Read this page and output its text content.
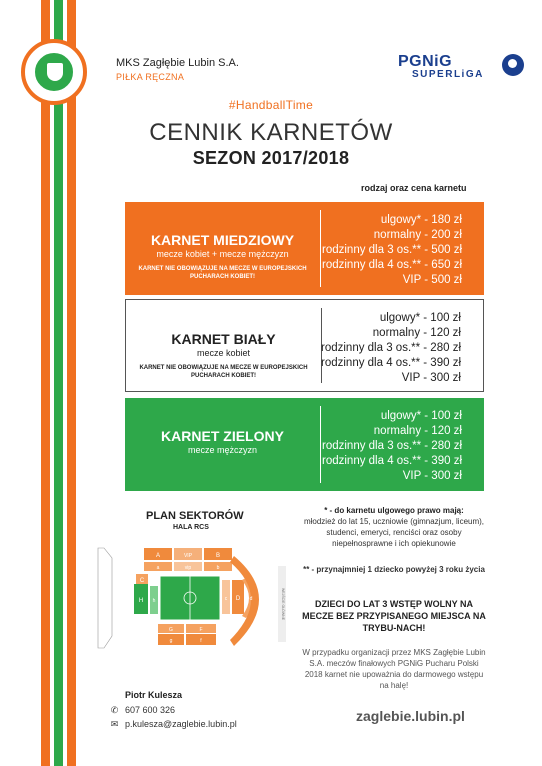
MKS Zagłębie Lubin S.A.
PIŁKA RĘCZNA
PGNiG
SUPERLiGA
#HandballTime
CENNIK KARNETÓW
SEZON 2017/2018
rodzaj oraz cena karnetu
KARNET MIEDZIOWY
mecze kobiet + mecze mężczyzn
KARNET NIE OBOWIĄZUJE NA MECZE W EUROPEJSKICH PUCHARACH KOBIET!
ulgowy* - 180 zł
normalny - 200 zł
rodzinny dla 3 os.** - 500 zł
rodzinny dla 4 os.** - 650 zł
VIP - 500 zł
KARNET BIAŁY
mecze kobiet
KARNET NIE OBOWIĄZUJE NA MECZE W EUROPEJSKICH PUCHARACH KOBIET!
ulgowy* - 100 zł
normalny - 120 zł
rodzinny dla 3 os.** - 280 zł
rodzinny dla 4 os.** - 390 zł
VIP - 300 zł
KARNET ZIELONY
mecze mężczyzn
ulgowy* - 100 zł
normalny - 120 zł
rodzinny dla 3 os.** - 280 zł
rodzinny dla 4 os.** - 390 zł
VIP - 300 zł
PLAN SEKTORÓW
HALA RCS
A	VIP	B
a	vip	b
C
D
c	d E
e
F
f
G
g
H h	WEJŚCIE GŁÓWNE
* - do karnetu ulgowego prawo mają:
młodzież do lat 15, uczniowie (gimnazjum, liceum), studenci, emeryci, renciści oraz osoby niepełnosprawne i ich opiekunowie
** - przynajmniej 1 dziecko powyżej 3 roku życia
DZIECI DO LAT 3 WSTĘP WOLNY NA MECZE BEZ PRZYPISANEGO MIEJSCA NA TRYBU-NACH!
W przypadku organizacji przez MKS Zagłębie Lubin S.A. meczów finałowych PGNiG Pucharu Polski 2018 karnet nie upoważnia do darmowego wstępu na halę!
Piotr Kulesza
✆ 607 600 326
✉ p.kulesza@zaglebie.lubin.pl	zaglebie.lubin.pl
